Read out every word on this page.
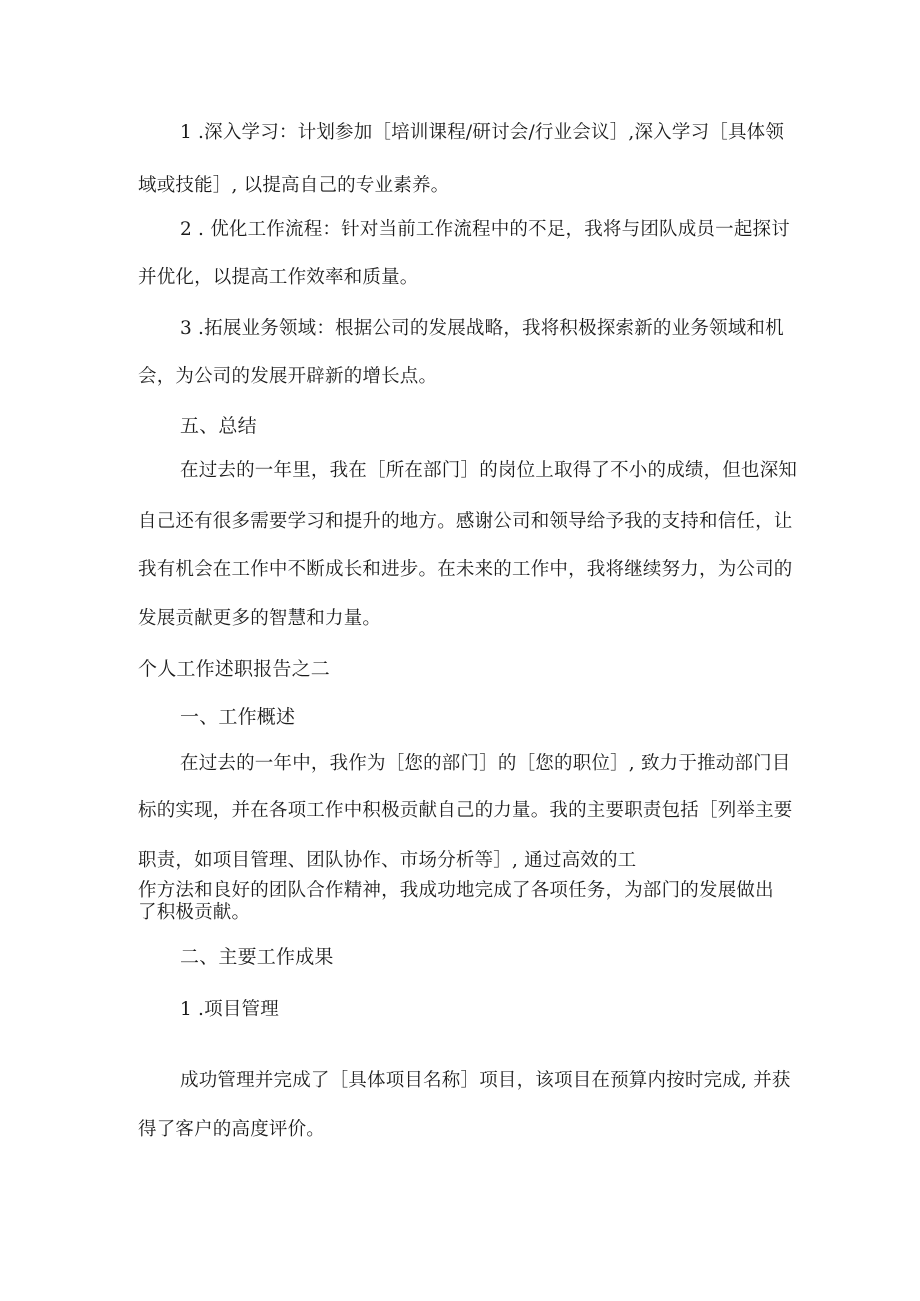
1 .深入学习：计划参加［培训课程/研讨会/行业会议］,深入学习［具体领
域或技能］, 以提高自己的专业素养。
2 . 优化工作流程：针对当前工作流程中的不足，我将与团队成员一起探讨
并优化，以提高工作效率和质量。
3 .拓展业务领域：根据公司的发展战略，我将积极探索新的业务领域和机
会，为公司的发展开辟新的增长点。
五、总结
在过去的一年里，我在［所在部门］的岗位上取得了不小的成绩，但也深知
自己还有很多需要学习和提升的地方。感谢公司和领导给予我的支持和信任，让
我有机会在工作中不断成长和进步。在未来的工作中，我将继续努力，为公司的
发展贡献更多的智慧和力量。
个人工作述职报告之二
一、工作概述
在过去的一年中，我作为［您的部门］的［您的职位］, 致力于推动部门目
标的实现，并在各项工作中积极贡献自己的力量。我的主要职责包括［列举主要
职责，如项目管理、团队协作、市场分析等］, 通过高效的工
作方法和良好的团队合作精神，我成功地完成了各项任务，为部门的发展做出
了积极贡献。
二、主要工作成果
1 .项目管理
成功管理并完成了［具体项目名称］项目，该项目在预算内按时完成, 并获
得了客户的高度评价。
